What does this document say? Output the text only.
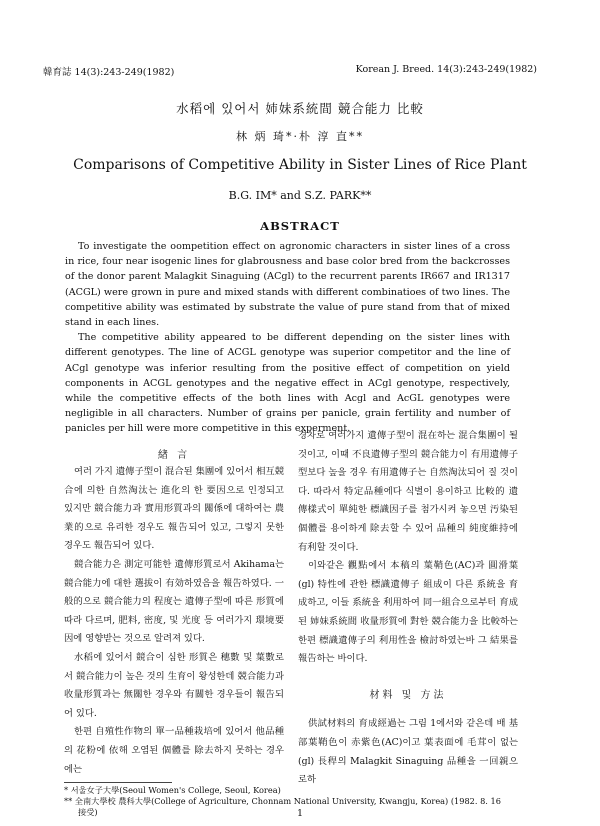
韓育誌 14(3):243-249(1982)	Korean J. Breed. 14(3):243-249(1982)
水稻에 있어서 姉妹系統間 競合能力 比較
林 炳 琦*·朴 淳 直**
Comparisons of Competitive Ability in Sister Lines of Rice Plant
B.G. IM* and S.Z. PARK**
ABSTRACT

To investigate the oompetition effect on agronomic characters in sister lines of a cross in rice, four near isogenic lines for glabrousness and base color bred from the backcrosses of the donor parent Malagkit Sinaguing (ACgl) to the recurrent parents IR667 and IR1317 (ACGL) were grown in pure and mixed stands with different combinatioes of two lines. The competitive ability was estimated by substrate the value of pure stand from that of mixed stand in each lines.

The competitive ability appeared to be different depending on the sister lines with different genotypes. The line of ACGL genotype was superior competitor and the line of ACgl genotype was inferior resulting from the positive effect of competition on yield components in ACGL genotypes and the negative effect in ACgl genotype, respectively, while the competitive effects of the both lines with Acgl and AcGL genotypes were negligible in all characters. Number of grains per panicle, grain fertility and number of panicles per hill were more competitive in this experment.

緖 言

여러 가지 遺傳子型이 混合된 集團에 있어서 相互競合에 의한 自然淘汰는 進化의 한 要因으로 인정되고 있지만 競合能力과 實用形質과의 關係에 대하여는 農業的으로 유리한 경우도 報告되어 있고, 그렇지 못한 경우도 報告되어 있다.

競合能力은 測定可能한 遺傳形質로서 Akihama는 競合能力에 대한 選拔이 有効하였음을 報告하였다. 一般的으로 競合能力의 程度는 遺傳子型에 따른 形質에 따라 다르며, 肥料, 密度, 및 光度 등 여러가지 環境要因에 영향받는 것으로 알려져 있다.

水稻에 있어서 競合이 심한 形質은 穗數 및 葉數로서 競合能力이 높은 것의 生育이 왕성한데 競合能力과 收量形質과는 無關한 경우와 有關한 경우들이 報告되어 있다.

한편 自殖性作物의 單一品種栽培에 있어서 他品種의 花粉에 依해 오염된 個體를 除去하지 못하는 경우에는

경차로 여러가지 遺傳子型이 混在하는 混合集團이 될 것이고, 이때 不良遺傳子型의 競合能力이 有用遺傳子型보다 높을 경우 有用遺傳子는 自然淘汰되어 질 것이다. 따라서 特定品種에다 식별이 용이하고 比較的 遺傳樣式이 單純한 標識因子를 첨가시켜 놓으면 汚染된 個體를 용이하게 除去할 수 있어 品種의 純度維持에 有利할 것이다.

이와같은 觀點에서 本稿의 葉鞘色(AC)과 圓滑葉(gl) 特性에 관한 標識遺傳子 組成이 다른 系統을 育成하고, 이들 系統을 利用하여 同一組合으로부터 育成된 姉妹系統間 收量形質에 對한 競合能力을 比較하는 한편 標識遺傳子의 利用性을 檢討하였는바 그 結果를 報告하는 바이다.

材料 및 方法

供試材料의 育成經過는 그림 1에서와 같은데 배 基部葉鞘色이 赤紫色(AC)이고 葉表面에 毛茸이 없는 (gl) 長稈의 Malagkit Sinaguing 品種을 一回親으로하

* 서울女子大學(Seoul Women's College, Seoul, Korea)
** 全南大學校 農科大學(College of Agriculture, Chonnam National University, Kwangju, Korea) (1982. 8. 16
接受)	1
